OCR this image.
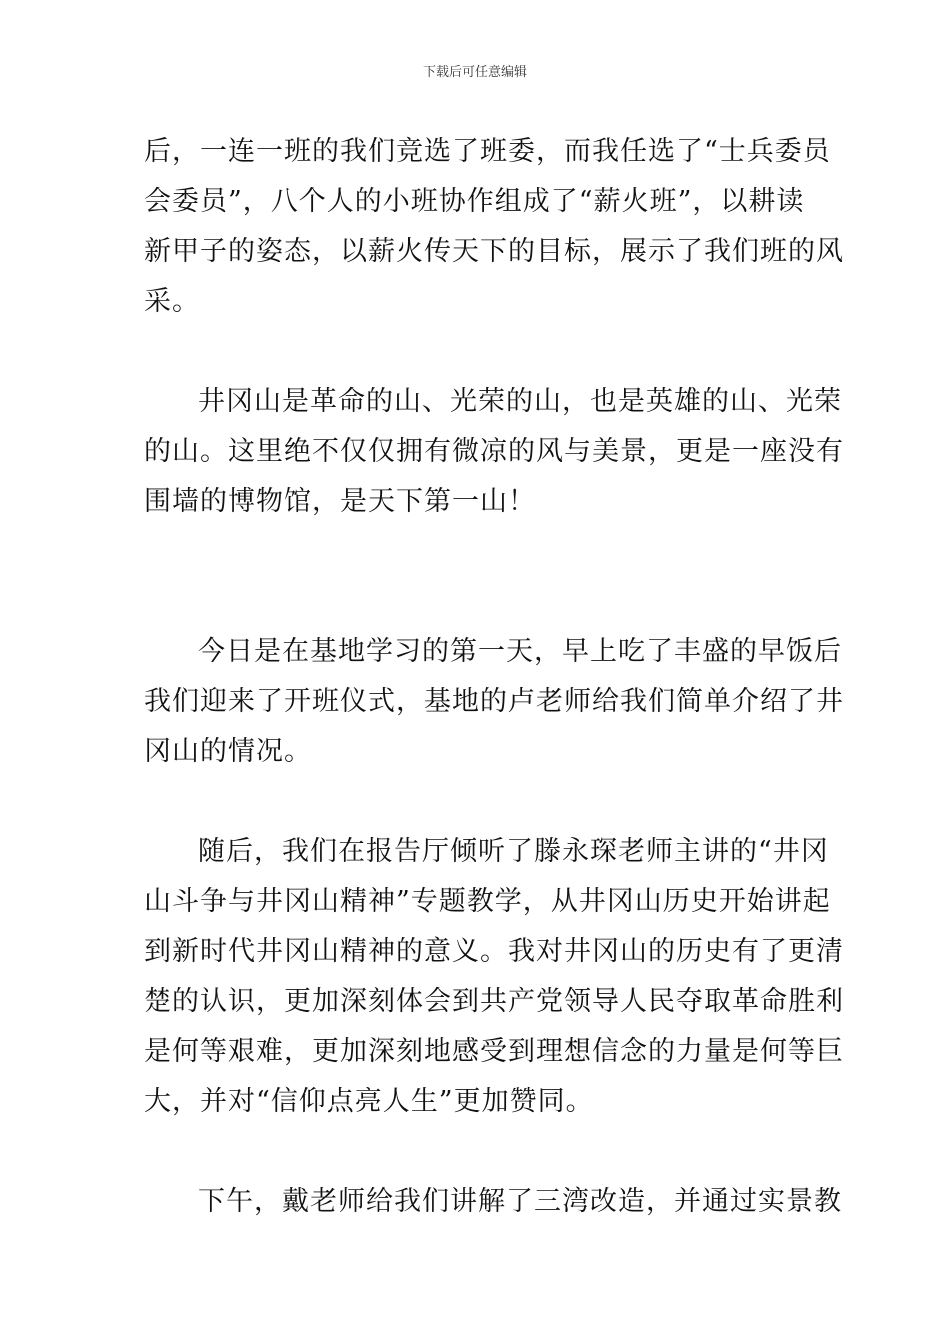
下载后可任意编辑

后，一连一班的我们竞选了班委，而我任选了“士兵委员
会委员”，八个人的小班协作组成了“薪火班”，以耕读
新甲子的姿态，以薪火传天下的目标，展示了我们班的风
采。

井冈山是革命的山、光荣的山，也是英雄的山、光荣
的山。这里绝不仅仅拥有微凉的风与美景，更是一座没有
围墙的博物馆，是天下第一山！

今日是在基地学习的第一天，早上吃了丰盛的早饭后
我们迎来了开班仪式，基地的卢老师给我们简单介绍了井
冈山的情况。

随后，我们在报告厅倾听了滕永琛老师主讲的“井冈
山斗争与井冈山精神”专题教学，从井冈山历史开始讲起
到新时代井冈山精神的意义。我对井冈山的历史有了更清
楚的认识，更加深刻体会到共产党领导人民夺取革命胜利
是何等艰难，更加深刻地感受到理想信念的力量是何等巨
大，并对“信仰点亮人生”更加赞同。

下午，戴老师给我们讲解了三湾改造，并通过实景教
